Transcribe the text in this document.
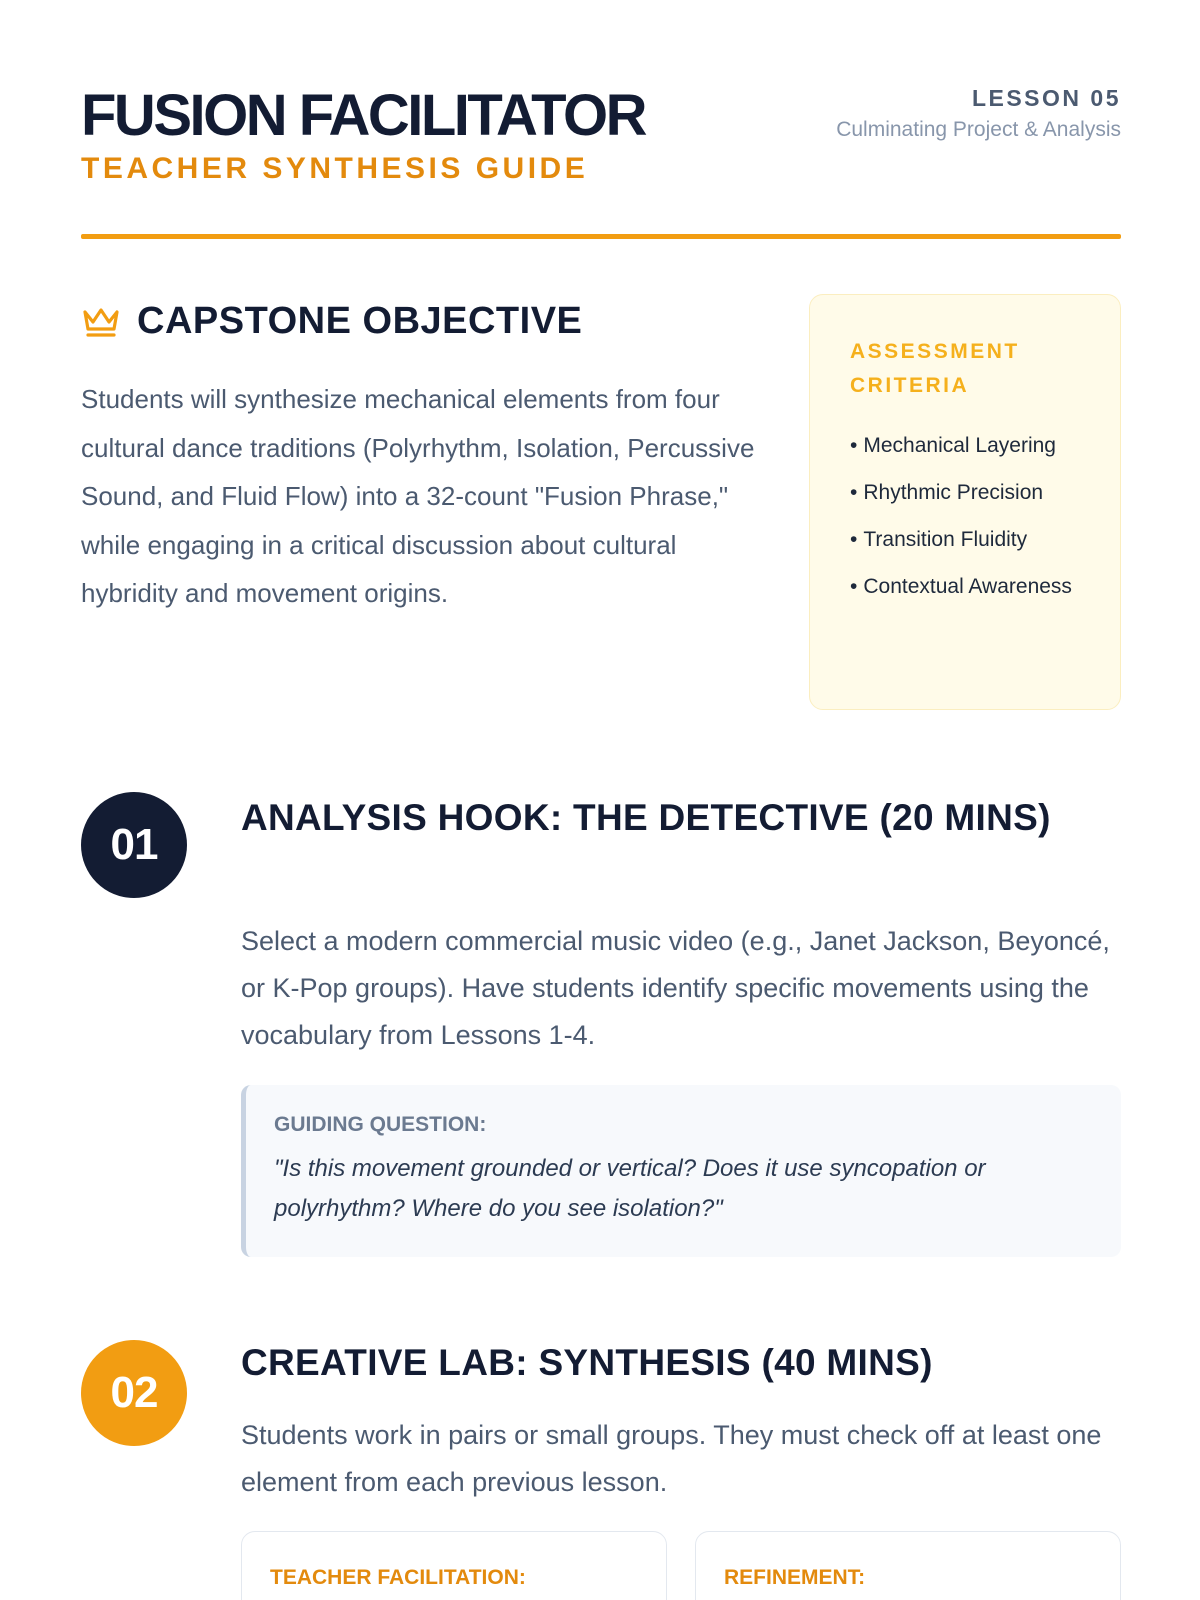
FUSION FACILITATOR
TEACHER SYNTHESIS GUIDE
LESSON 05
Culminating Project & Analysis
CAPSTONE OBJECTIVE

Students will synthesize mechanical elements from four cultural dance traditions (Polyrhythm, Isolation, Percussive Sound, and Fluid Flow) into a 32-count "Fusion Phrase," while engaging in a critical discussion about cultural hybridity and movement origins.

ASSESSMENT CRITERIA
• Mechanical Layering
• Rhythmic Precision
• Transition Fluidity
• Contextual Awareness
01
ANALYSIS HOOK: THE DETECTIVE (20 MINS)

Select a modern commercial music video (e.g., Janet Jackson, Beyoncé, or K-Pop groups). Have students identify specific movements using the vocabulary from Lessons 1-4.

GUIDING QUESTION:
"Is this movement grounded or vertical? Does it use syncopation or polyrhythm? Where do you see isolation?"
02
CREATIVE LAB: SYNTHESIS (40 MINS)

Students work in pairs or small groups. They must check off at least one element from each previous lesson.

TEACHER FACILITATION:	REFINEMENT:
